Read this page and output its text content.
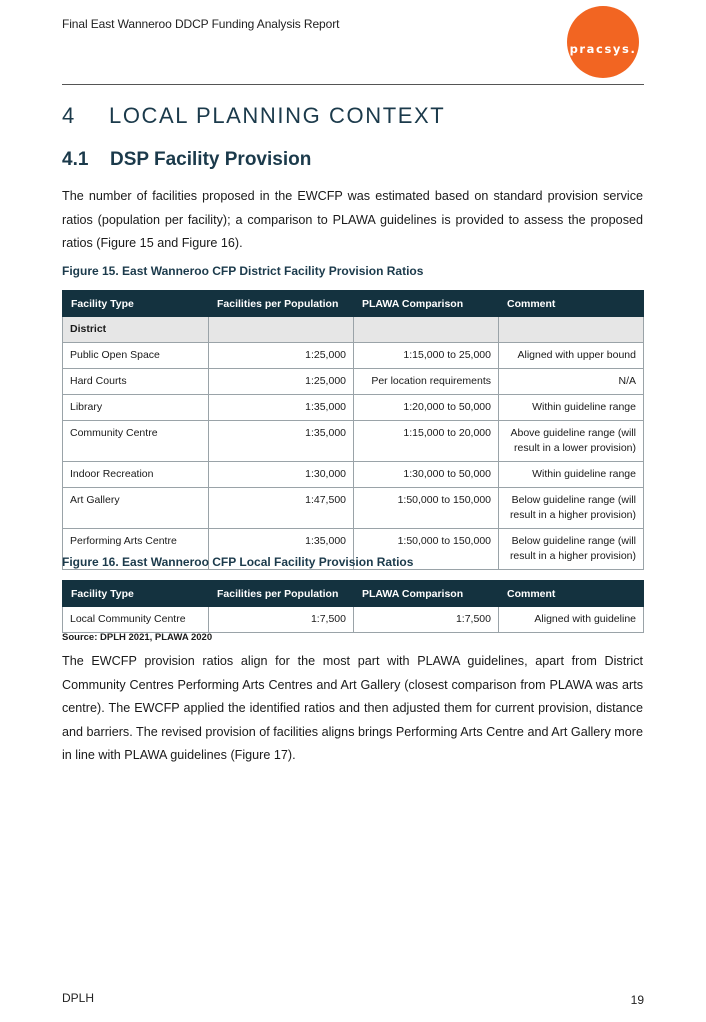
Final East Wanneroo DDCP Funding Analysis Report
pracsys.
4 LOCAL PLANNING CONTEXT
4.1 DSP Facility Provision
The number of facilities proposed in the EWCFP was estimated based on standard provision service ratios (population per facility); a comparison to PLAWA guidelines is provided to assess the proposed ratios (Figure 15 and Figure 16).
Figure 15. East Wanneroo CFP District Facility Provision Ratios
Facility Type	Facilities per Population	PLAWA Comparison	Comment
District			
Public Open Space	1:25,000	1:15,000 to 25,000	Aligned with upper bound
Hard Courts	1:25,000	Per location requirements	N/A
Library	1:35,000	1:20,000 to 50,000	Within guideline range
Community Centre	1:35,000	1:15,000 to 20,000	Above guideline range (will result in a lower provision)
Indoor Recreation	1:30,000	1:30,000 to 50,000	Within guideline range
Art Gallery	1:47,500	1:50,000 to 150,000	Below guideline range (will result in a higher provision)
Performing Arts Centre	1:35,000	1:50,000 to 150,000	Below guideline range (will result in a higher provision)
Figure 16. East Wanneroo CFP Local Facility Provision Ratios
Facility Type	Facilities per Population	PLAWA Comparison	Comment
Local Community Centre	1:7,500	1:7,500	Aligned with guideline
Source: DPLH 2021, PLAWA 2020
The EWCFP provision ratios align for the most part with PLAWA guidelines, apart from District Community Centres Performing Arts Centres and Art Gallery (closest comparison from PLAWA was arts centre). The EWCFP applied the identified ratios and then adjusted them for current provision, distance and barriers. The revised provision of facilities aligns brings Performing Arts Centre and Art Gallery more in line with PLAWA guidelines (Figure 17).
DPLH	19
